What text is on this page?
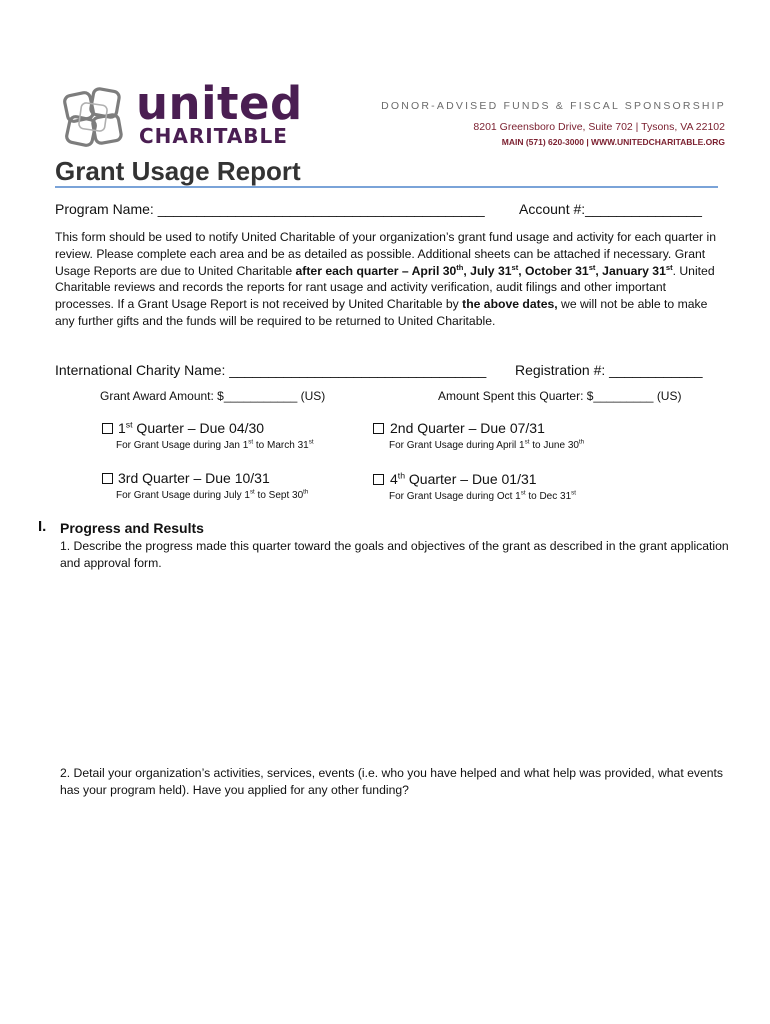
united
CHARITABLE
DONOR-ADVISED FUNDS & FISCAL SPONSORSHIP
8201 Greensboro Drive, Suite 702 | Tysons, VA 22102
MAIN (571) 620-3000 | WWW.UNITEDCHARITABLE.ORG
Grant Usage Report
Program Name: __________________________________________ Account #:_______________
This form should be used to notify United Charitable of your organization’s grant fund usage and activity for each quarter in review. Please complete each area and be as detailed as possible. Additional sheets can be attached if necessary. Grant Usage Reports are due to United Charitable after each quarter – April 30th, July 31st, October 31st, January 31st. United Charitable reviews and records the reports for rant usage and activity verification, audit filings and other important processes. If a Grant Usage Report is not received by United Charitable by the above dates, we will not be able to make any further gifts and the funds will be required to be returned to United Charitable.
International Charity Name: _________________________________ Registration #: ____________
Grant Award Amount: $___________ (US)	Amount Spent this Quarter: $_________ (US)
1st Quarter – Due 04/30
For Grant Usage during Jan 1st to March 31st
2nd Quarter – Due 07/31
For Grant Usage during April 1st to June 30th
3rd Quarter – Due 10/31
For Grant Usage during July 1st to Sept 30th
4th Quarter – Due 01/31
For Grant Usage during Oct 1st to Dec 31st
I. Progress and Results
1. Describe the progress made this quarter toward the goals and objectives of the grant as described in the grant application and approval form.
2. Detail your organization’s activities, services, events (i.e. who you have helped and what help was provided, what events has your program held). Have you applied for any other funding?
